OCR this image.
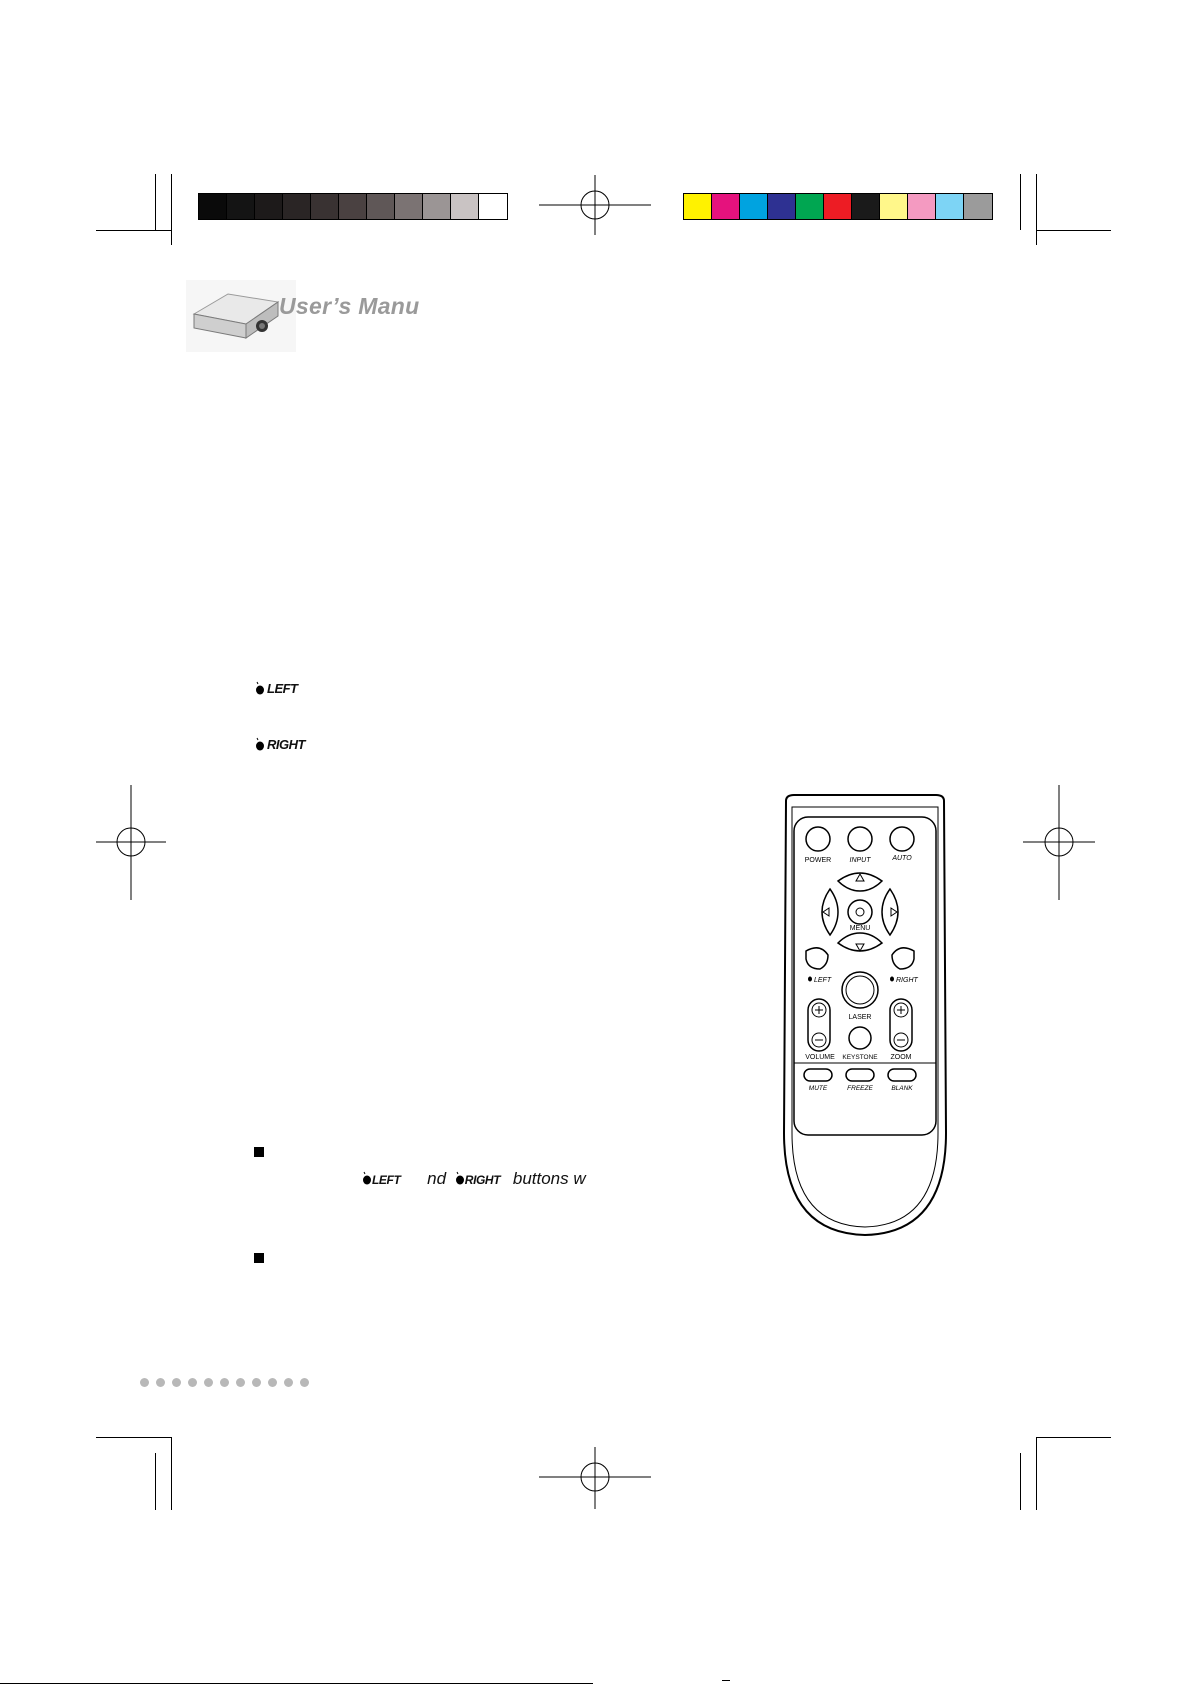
User’s Manu
LEFT
RIGHT
LEFT nd RIGHT buttons w
POWER	INPUT	AUTO
MENU
LEFT	RIGHT
LASER
VOLUME KEYSTONE ZOOM
MUTE	FREEZE	BLANK
